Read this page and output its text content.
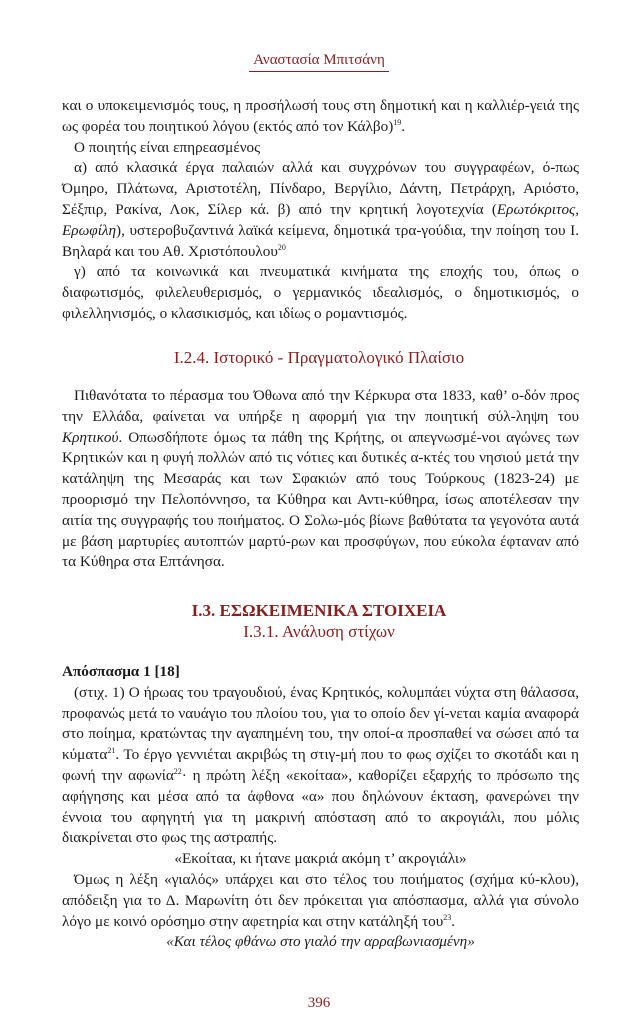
Αναστασία Μπιτσάνη

και ο υποκειμενισμός τους, η προσήλωσή τους στη δημοτική και η καλλιέρ-γειά της ως φορέα του ποιητικού λόγου (εκτός από τον Κάλβο)$^{19}$.

Ο ποιητής είναι επηρεασμένος

α) από κλασικά έργα παλαιών αλλά και συγχρόνων του συγγραφέων, ό-πως Όμηρο, Πλάτωνα, Αριστοτέλη, Πίνδαρο, Βεργίλιο, Δάντη, Πετράρχη, Αριόστο, Σέξπιρ, Ρακίνα, Λοκ, Σίλερ κά. β) από την κρητική λογοτεχνία (Ερωτόκριτος, Ερωφίλη), υστεροβυζαντινά λαϊκά κείμενα, δημοτικά τρα-γούδια, την ποίηση του Ι. Βηλαρά και του Αθ. Χριστόπουλου$^{20}$

γ) από τα κοινωνικά και πνευματικά κινήματα της εποχής του, όπως ο διαφωτισμός, φιλελευθερισμός, ο γερμανικός ιδεαλισμός, ο δημοτικισμός, ο φιλελληνισμός, ο κλασικισμός, και ιδίως ο ρομαντισμός.

Ι.2.4. Ιστορικό - Πραγματολογικό Πλαίσιο

Πιθανότατα το πέρασμα του Όθωνα από την Κέρκυρα στα 1833, καθ’ ο-δόν προς την Ελλάδα, φαίνεται να υπήρξε η αφορμή για την ποιητική σύλ-ληψη του Κρητικού. Οπωσδήποτε όμως τα πάθη της Κρήτης, οι απεγνωσμέ-νοι αγώνες των Κρητικών και η φυγή πολλών από τις νότιες και δυτικές α-κτές του νησιού μετά την κατάληψη της Μεσαράς και των Σφακιών από τους Τούρκους (1823-24) με προορισμό την Πελοπόννησο, τα Κύθηρα και Αντι-κύθηρα, ίσως αποτέλεσαν την αιτία της συγγραφής του ποιήματος. Ο Σολω-μός βίωνε βαθύτατα τα γεγονότα αυτά με βάση μαρτυρίες αυτοπτών μαρτύ-ρων και προσφύγων, που εύκολα έφταναν από τα Κύθηρα στα Επτάνησα.

Ι.3. ΕΣΩΚΕΙΜΕΝΙΚΑ ΣΤΟΙΧΕΙΑ
Ι.3.1. Ανάλυση στίχων

Απόσπασμα 1 [18]

(στιχ. 1) Ο ήρωας του τραγουδιού, ένας Κρητικός, κολυμπάει νύχτα στη θάλασσα, προφανώς μετά το ναυάγιο του πλοίου του, για το οποίο δεν γί-νεται καμία αναφορά στο ποίημα, κρατώντας την αγαπημένη του, την οποί-α προσπαθεί να σώσει από τα κύματα$^{21}$. Το έργο γεννιέται ακριβώς τη στιγ-μή που το φως σχίζει το σκοτάδι και η φωνή την αφωνία$^{22}$· η πρώτη λέξη «εκοίταα», καθορίζει εξαρχής το πρόσωπο της αφήγησης και μέσα από τα άφθονα «α» που δηλώνουν έκταση, φανερώνει την έννοια του αφηγητή για τη μακρινή απόσταση από το ακρογιάλι, που μόλις διακρίνεται στο φως της αστραπής.

«Εκοίταα, κι ήτανε μακριά ακόμη τ’ ακρογιάλι»

Όμως η λέξη «γιαλός» υπάρχει και στο τέλος του ποιήματος (σχήμα κύ-κλου), απόδειξη για το Δ. Μαρωνίτη ότι δεν πρόκειται για απόσπασμα, αλλά για σύνολο λόγο με κοινό ορόσημο στην αφετηρία και στην κατάληξή του$^{23}$.

«Και τέλος φθάνω στο γιαλό την αρραβωνιασμένη»

396
